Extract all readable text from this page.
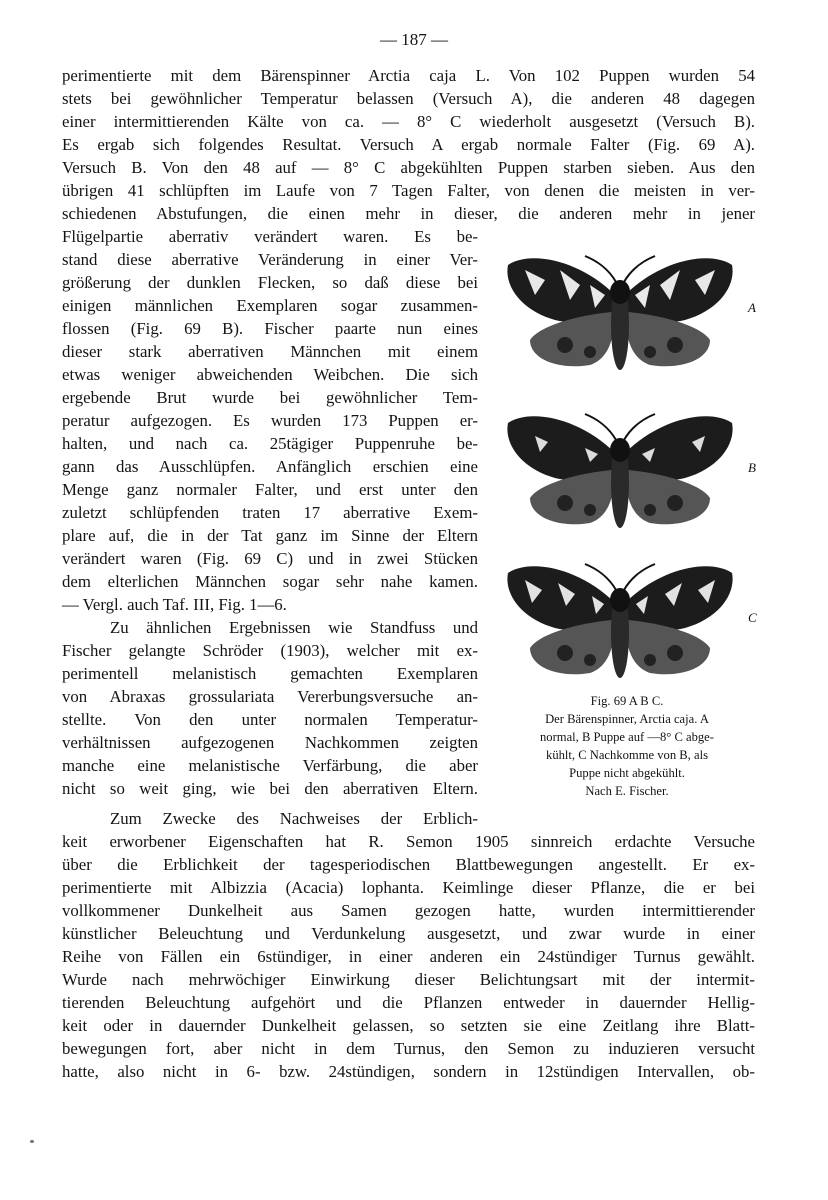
— 187 —
perimentierte mit dem Bärenspinner Arctia caja L. Von 102 Puppen wurden 54
stets bei gewöhnlicher Temperatur belassen (Versuch A), die anderen 48 dagegen
einer intermittierenden Kälte von ca. — 8° C wiederholt ausgesetzt (Versuch B).
Es ergab sich folgendes Resultat. Versuch A ergab normale Falter (Fig. 69 A).
Versuch B. Von den 48 auf — 8° C abgekühlten Puppen starben sieben. Aus den
übrigen 41 schlüpften im Laufe von 7 Tagen Falter, von denen die meisten in ver-
schiedenen Abstufungen, die einen mehr in dieser, die anderen mehr in jener
Flügelpartie aberrativ verändert waren. Es be-
stand diese aberrative Veränderung in einer Ver-
größerung der dunklen Flecken, so daß diese bei
einigen männlichen Exemplaren sogar zusammen-
flossen (Fig. 69 B). Fischer paarte nun eines
dieser stark aberrativen Männchen mit einem
etwas weniger abweichenden Weibchen. Die sich
ergebende Brut wurde bei gewöhnlicher Tem-
peratur aufgezogen. Es wurden 173 Puppen er-
halten, und nach ca. 25tägiger Puppenruhe be-
gann das Ausschlüpfen. Anfänglich erschien eine
Menge ganz normaler Falter, und erst unter den
zuletzt schlüpfenden traten 17 aberrative Exem-
plare auf, die in der Tat ganz im Sinne der Eltern
verändert waren (Fig. 69 C) und in zwei Stücken
dem elterlichen Männchen sogar sehr nahe kamen.
— Vergl. auch Taf. III, Fig. 1—6.
Zu ähnlichen Ergebnissen wie Standfuss und
Fischer gelangte Schröder (1903), welcher mit ex-
perimentell melanistisch gemachten Exemplaren
von Abraxas grossulariata Vererbungsversuche an-
stellte. Von den unter normalen Temperatur-
verhältnissen aufgezogenen Nachkommen zeigten
manche eine melanistische Verfärbung, die aber
nicht so weit ging, wie bei den aberrativen Eltern.
Zum Zwecke des Nachweises der Erblich-
keit erworbener Eigenschaften hat R. Semon 1905 sinnreich erdachte Versuche
über die Erblichkeit der tagesperiodischen Blattbewegungen angestellt. Er ex-
perimentierte mit Albizzia (Acacia) lophanta. Keimlinge dieser Pflanze, die er bei
vollkommener Dunkelheit aus Samen gezogen hatte, wurden intermittierender
künstlicher Beleuchtung und Verdunkelung ausgesetzt, und zwar wurde in einer
Reihe von Fällen ein 6stündiger, in einer anderen ein 24stündiger Turnus gewählt.
Wurde nach mehrwöchiger Einwirkung dieser Belichtungsart mit der intermit-
tierenden Beleuchtung aufgehört und die Pflanzen entweder in dauernder Hellig-
keit oder in dauernder Dunkelheit gelassen, so setzten sie eine Zeitlang ihre Blatt-
bewegungen fort, aber nicht in dem Turnus, den Semon zu induzieren versucht
hatte, also nicht in 6- bzw. 24stündigen, sondern in 12stündigen Intervallen, ob-
A
B
C
Fig. 69 A B C.
Der Bärenspinner, Arctia caja. A
normal, B Puppe auf —8° C abge-
kühlt, C Nachkomme von B, als
Puppe nicht abgekühlt.
Nach E. Fischer.
